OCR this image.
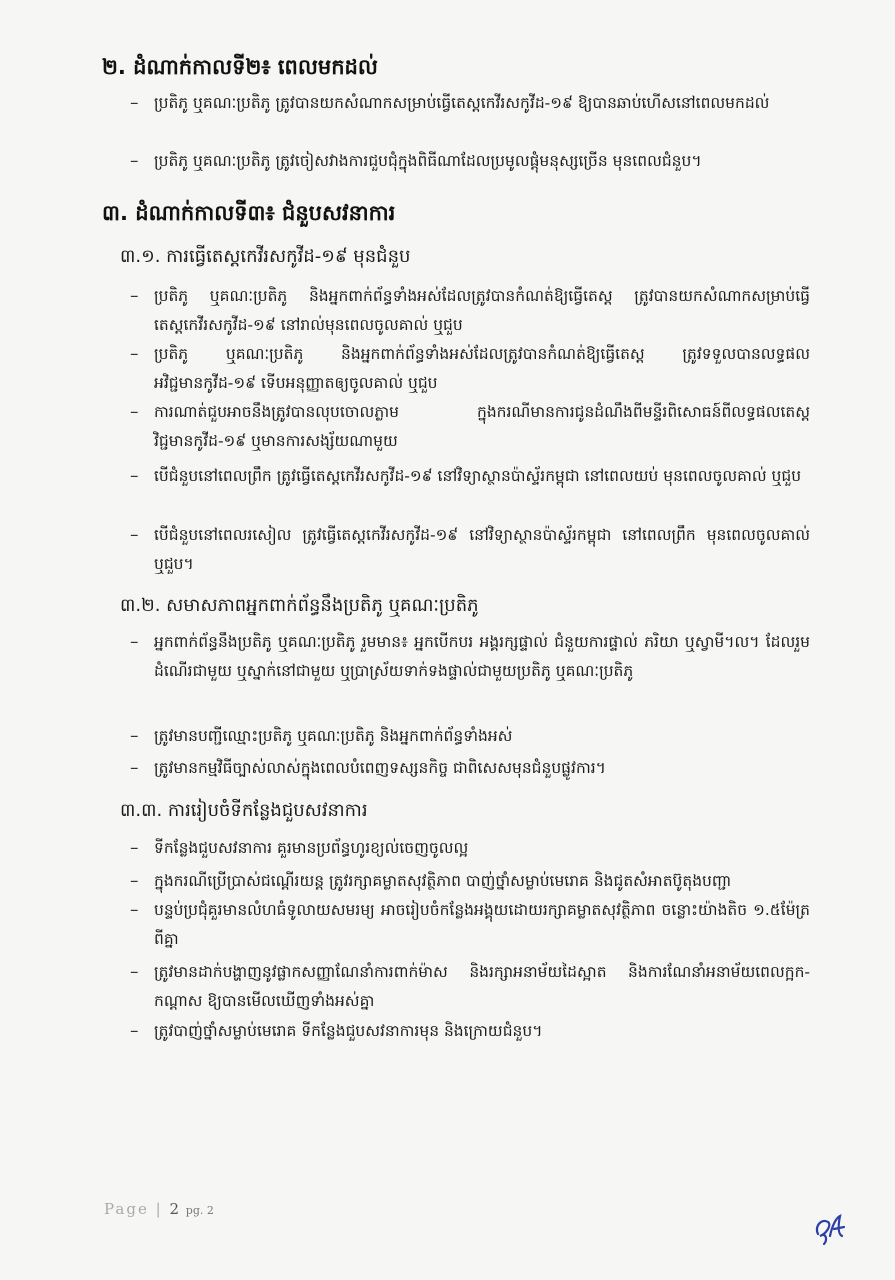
២. ដំណាក់កាលទី២៖ ពេលមកដល់
– ប្រតិភូ ឬគណៈប្រតិភូ ត្រូវបានយកសំណាកសម្រាប់ធ្វើតេស្តកេវីរសកូវីដ-១៩ ឱ្យបានឆាប់ហើសនៅពេលមកដល់
– ប្រតិភូ ឬគណៈប្រតិភូ ត្រូវចៀសវាងការជួបជុំក្នុងពិធីណាដែលប្រមូលផ្តុំមនុស្សច្រើន មុនពេលជំនួប។
៣. ដំណាក់កាលទី៣៖ ជំនួបសវនាការ
៣.១. ការធ្វើតេស្តកេវីរសកូវីដ-១៩ មុនជំនួប
– ប្រតិភូ ឬគណៈប្រតិភូ និងអ្នកពាក់ព័ន្ធទាំងអស់ដែលត្រូវបានកំណត់ឱ្យធ្វើតេស្ត ត្រូវបានយកសំណាកសម្រាប់ធ្វើតេស្តកេវីរសកូវីដ-១៩ នៅរាល់មុនពេលចូលគាល់ ឬជួប
– ប្រតិភូ ឬគណៈប្រតិភូ និងអ្នកពាក់ព័ន្ធទាំងអស់ដែលត្រូវបានកំណត់ឱ្យធ្វើតេស្ត ត្រូវទទួលបានលទ្ធផលអវិជ្ជមានកូវីដ-១៩ ទើបអនុញ្ញាតឲ្យចូលគាល់ ឬជួប
– ការណាត់ជួបអាចនឹងត្រូវបានលុបចោលភ្លាម ក្នុងករណីមានការជូនដំណឹងពីមន្ទីរពិសោធន៍ពីលទ្ធផលតេស្តវិជ្ជមានកូវីដ-១៩ ឬមានការសង្ស័យណាមួយ
– បើជំនួបនៅពេលព្រឹក ត្រូវធ្វើតេស្តកេវីរសកូវីដ-១៩ នៅវិទ្យាស្ថានប៉ាស្ទ័រកម្ពុជា នៅពេលយប់ មុនពេលចូលគាល់ ឬជួប
– បើជំនួបនៅពេលរសៀល ត្រូវធ្វើតេស្តកេវីរសកូវីដ-១៩ នៅវិទ្យាស្ថានប៉ាស្ទ័រកម្ពុជា នៅពេលព្រឹក មុនពេលចូលគាល់ ឬជួប។
៣.២. សមាសភាពអ្នកពាក់ព័ន្ធនឹងប្រតិភូ ឬគណៈប្រតិភូ
– អ្នកពាក់ព័ន្ធនឹងប្រតិភូ ឬគណៈប្រតិភូ រួមមាន៖ អ្នកបើកបរ អង្គរក្សផ្ទាល់ ជំនួយការផ្ទាល់ ភរិយា ឬស្វាមី។ល។ ដែលរួមដំណើរជាមួយ ឬស្នាក់នៅជាមួយ ឬប្រាស្រ័យទាក់ទងផ្ទាល់ជាមួយប្រតិភូ ឬគណៈប្រតិភូ
– ត្រូវមានបញ្ជីឈ្មោះប្រតិភូ ឬគណៈប្រតិភូ និងអ្នកពាក់ព័ន្ធទាំងអស់
– ត្រូវមានកម្មវិធីច្បាស់លាស់ក្នុងពេលបំពេញទស្សនកិច្ច ជាពិសេសមុនជំនួបផ្លូវការ។
៣.៣. ការរៀបចំទីកន្លែងជួបសវនាការ
– ទីកន្លែងជួបសវនាការ គួរមានប្រព័ន្ធហូរខ្យល់ចេញចូលល្អ
– ក្នុងករណីប្រើប្រាស់ជណ្តើរយន្ត ត្រូវរក្សាគម្លាតសុវត្ថិភាព បាញ់ថ្នាំសម្លាប់មេរោគ និងជូតសំអាតប៊ូតុងបញ្ជា
– បន្ទប់ប្រជុំគួរមានលំហធំទូលាយសមរម្យ អាចរៀបចំកន្លែងអង្គុយដោយរក្សាគម្លាតសុវត្ថិភាព ចន្លោះយ៉ាងតិច ១.៥ម៉ែត្រ ពីគ្នា
– ត្រូវមានដាក់បង្ហាញនូវផ្លាកសញ្ញាណែនាំការពាក់ម៉ាស និងរក្សាអនាម័យដៃស្អាត និងការណែនាំអនាម័យពេលក្អក-កណ្តាស ឱ្យបានមើលឃើញទាំងអស់គ្នា
– ត្រូវបាញ់ថ្នាំសម្លាប់មេរោគ ទីកន្លែងជួបសវនាការមុន និងក្រោយជំនួប។
Page | 2 pg. 2
